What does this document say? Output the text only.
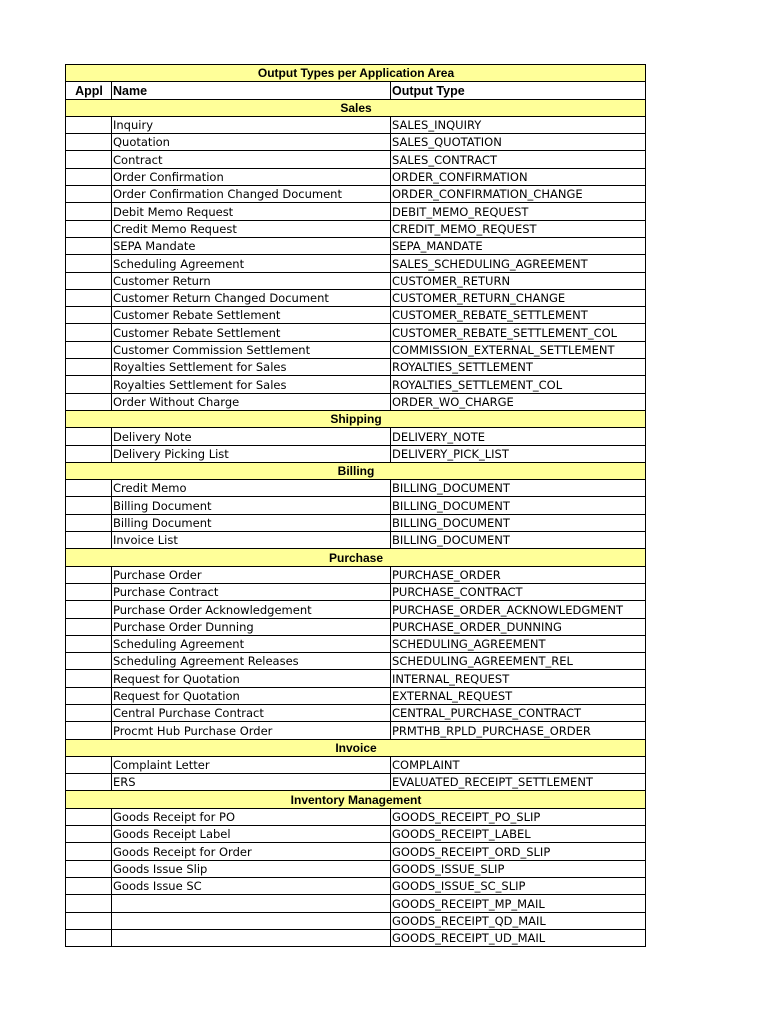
Output Types per Application Area		
Appl	Name	Output Type
Sales		
	Inquiry	SALES_INQUIRY
	Quotation	SALES_QUOTATION
	Contract	SALES_CONTRACT
	Order Confirmation	ORDER_CONFIRMATION
	Order Confirmation Changed Document	ORDER_CONFIRMATION_CHANGE
	Debit Memo Request	DEBIT_MEMO_REQUEST
	Credit Memo Request	CREDIT_MEMO_REQUEST
	SEPA Mandate	SEPA_MANDATE
	Scheduling Agreement	SALES_SCHEDULING_AGREEMENT
	Customer Return	CUSTOMER_RETURN
	Customer Return Changed Document	CUSTOMER_RETURN_CHANGE
	Customer Rebate Settlement	CUSTOMER_REBATE_SETTLEMENT
	Customer Rebate Settlement	CUSTOMER_REBATE_SETTLEMENT_COL
	Customer Commission Settlement	COMMISSION_EXTERNAL_SETTLEMENT
	Royalties Settlement for Sales	ROYALTIES_SETTLEMENT
	Royalties Settlement for Sales	ROYALTIES_SETTLEMENT_COL
	Order Without Charge	ORDER_WO_CHARGE
Shipping		
	Delivery Note	DELIVERY_NOTE
	Delivery Picking List	DELIVERY_PICK_LIST
Billing		
	Credit Memo	BILLING_DOCUMENT
	Billing Document	BILLING_DOCUMENT
	Billing Document	BILLING_DOCUMENT
	Invoice List	BILLING_DOCUMENT
Purchase		
	Purchase Order	PURCHASE_ORDER
	Purchase Contract	PURCHASE_CONTRACT
	Purchase Order Acknowledgement	PURCHASE_ORDER_ACKNOWLEDGMENT
	Purchase Order Dunning	PURCHASE_ORDER_DUNNING
	Scheduling Agreement	SCHEDULING_AGREEMENT
	Scheduling Agreement Releases	SCHEDULING_AGREEMENT_REL
	Request for Quotation	INTERNAL_REQUEST
	Request for Quotation	EXTERNAL_REQUEST
	Central Purchase Contract	CENTRAL_PURCHASE_CONTRACT
	Procmt Hub Purchase Order	PRMTHB_RPLD_PURCHASE_ORDER
Invoice		
	Complaint Letter	COMPLAINT
	ERS	EVALUATED_RECEIPT_SETTLEMENT
Inventory Management		
	Goods Receipt for PO	GOODS_RECEIPT_PO_SLIP
	Goods Receipt Label	GOODS_RECEIPT_LABEL
	Goods Receipt for Order	GOODS_RECEIPT_ORD_SLIP
	Goods Issue Slip	GOODS_ISSUE_SLIP
	Goods Issue SC	GOODS_ISSUE_SC_SLIP
		GOODS_RECEIPT_MP_MAIL
		GOODS_RECEIPT_QD_MAIL
		GOODS_RECEIPT_UD_MAIL
